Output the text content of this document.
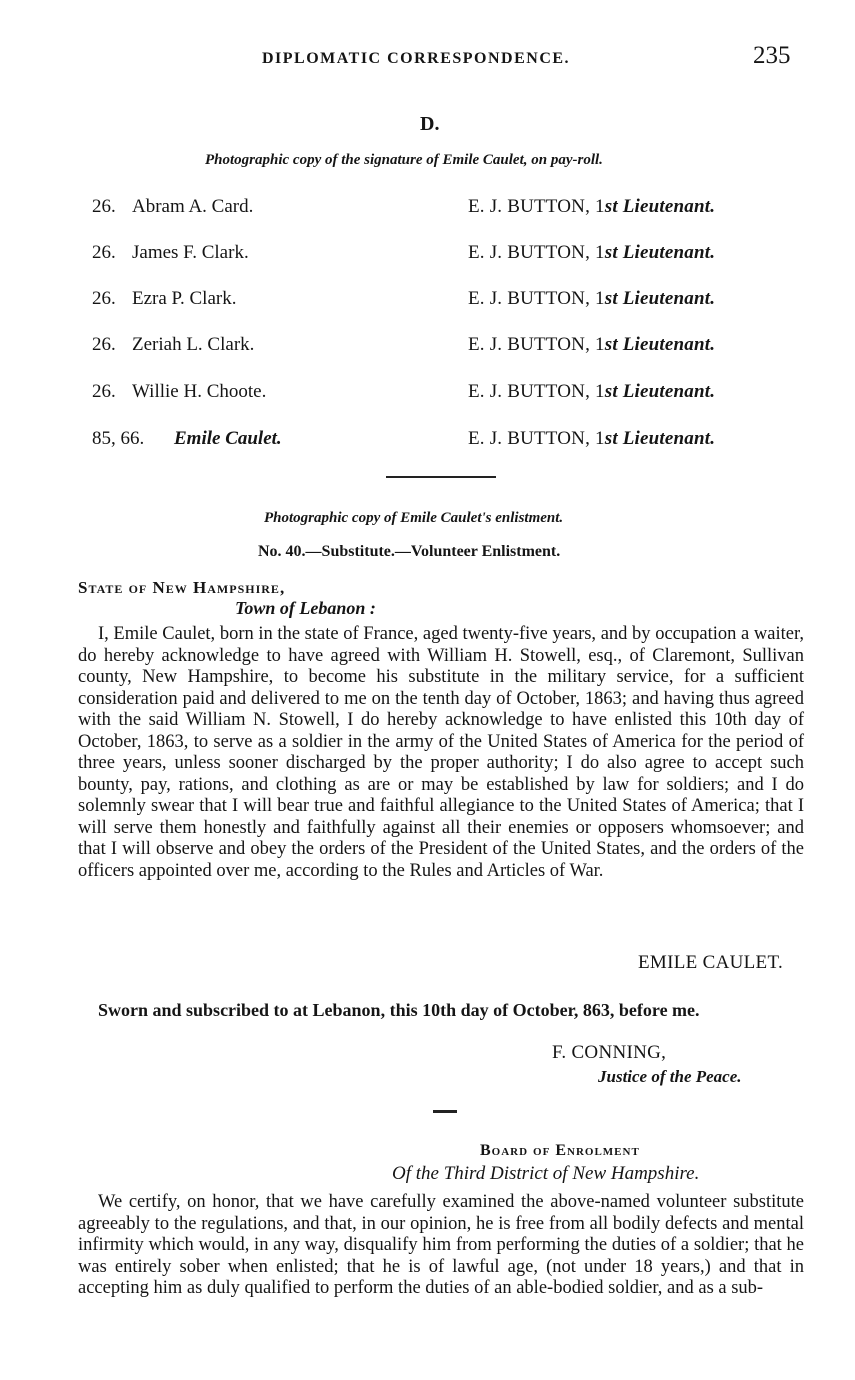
DIPLOMATIC CORRESPONDENCE.	235
D.
Photographic copy of the signature of Emile Caulet, on pay-roll.
26. Abram A. Card.	E. J. BUTTON, 1st Lieutenant.
26. James F. Clark.	E. J. BUTTON, 1st Lieutenant.
26. Ezra P. Clark.	E. J. BUTTON, 1st Lieutenant.
26. Zeriah L. Clark.	E. J. BUTTON, 1st Lieutenant.
26. Willie H. Choote.	E. J. BUTTON, 1st Lieutenant.
85, 66. Emile Caulet.	E. J. BUTTON, 1st Lieutenant.
Photographic copy of Emile Caulet's enlistment.
No. 40.—Substitute.—Volunteer Enlistment.
State of New Hampshire,
Town of Lebanon :
I, Emile Caulet, born in the state of France, aged twenty-five years, and by occupation a waiter, do hereby acknowledge to have agreed with William H. Stowell, esq., of Claremont, Sullivan county, New Hampshire, to become his substitute in the military service, for a sufficient consideration paid and delivered to me on the tenth day of October, 1863; and having thus agreed with the said William N. Stowell, I do hereby acknowledge to have enlisted this 10th day of October, 1863, to serve as a soldier in the army of the United States of America for the period of three years, unless sooner discharged by the proper authority; I do also agree to accept such bounty, pay, rations, and clothing as are or may be established by law for soldiers; and I do solemnly swear that I will bear true and faithful allegiance to the United States of America; that I will serve them honestly and faithfully against all their enemies or opposers whomsoever; and that I will observe and obey the orders of the President of the United States, and the orders of the officers appointed over me, according to the Rules and Articles of War.
EMILE CAULET.
Sworn and subscribed to at Lebanon, this 10th day of October, 863, before me.
F. CONNING,
Justice of the Peace.
Board of Enrolment
Of the Third District of New Hampshire.
We certify, on honor, that we have carefully examined the above-named volunteer substitute agreeably to the regulations, and that, in our opinion, he is free from all bodily defects and mental infirmity which would, in any way, disqualify him from performing the duties of a soldier; that he was entirely sober when enlisted; that he is of lawful age, (not under 18 years,) and that in accepting him as duly qualified to perform the duties of an able-bodied soldier, and as a sub-
